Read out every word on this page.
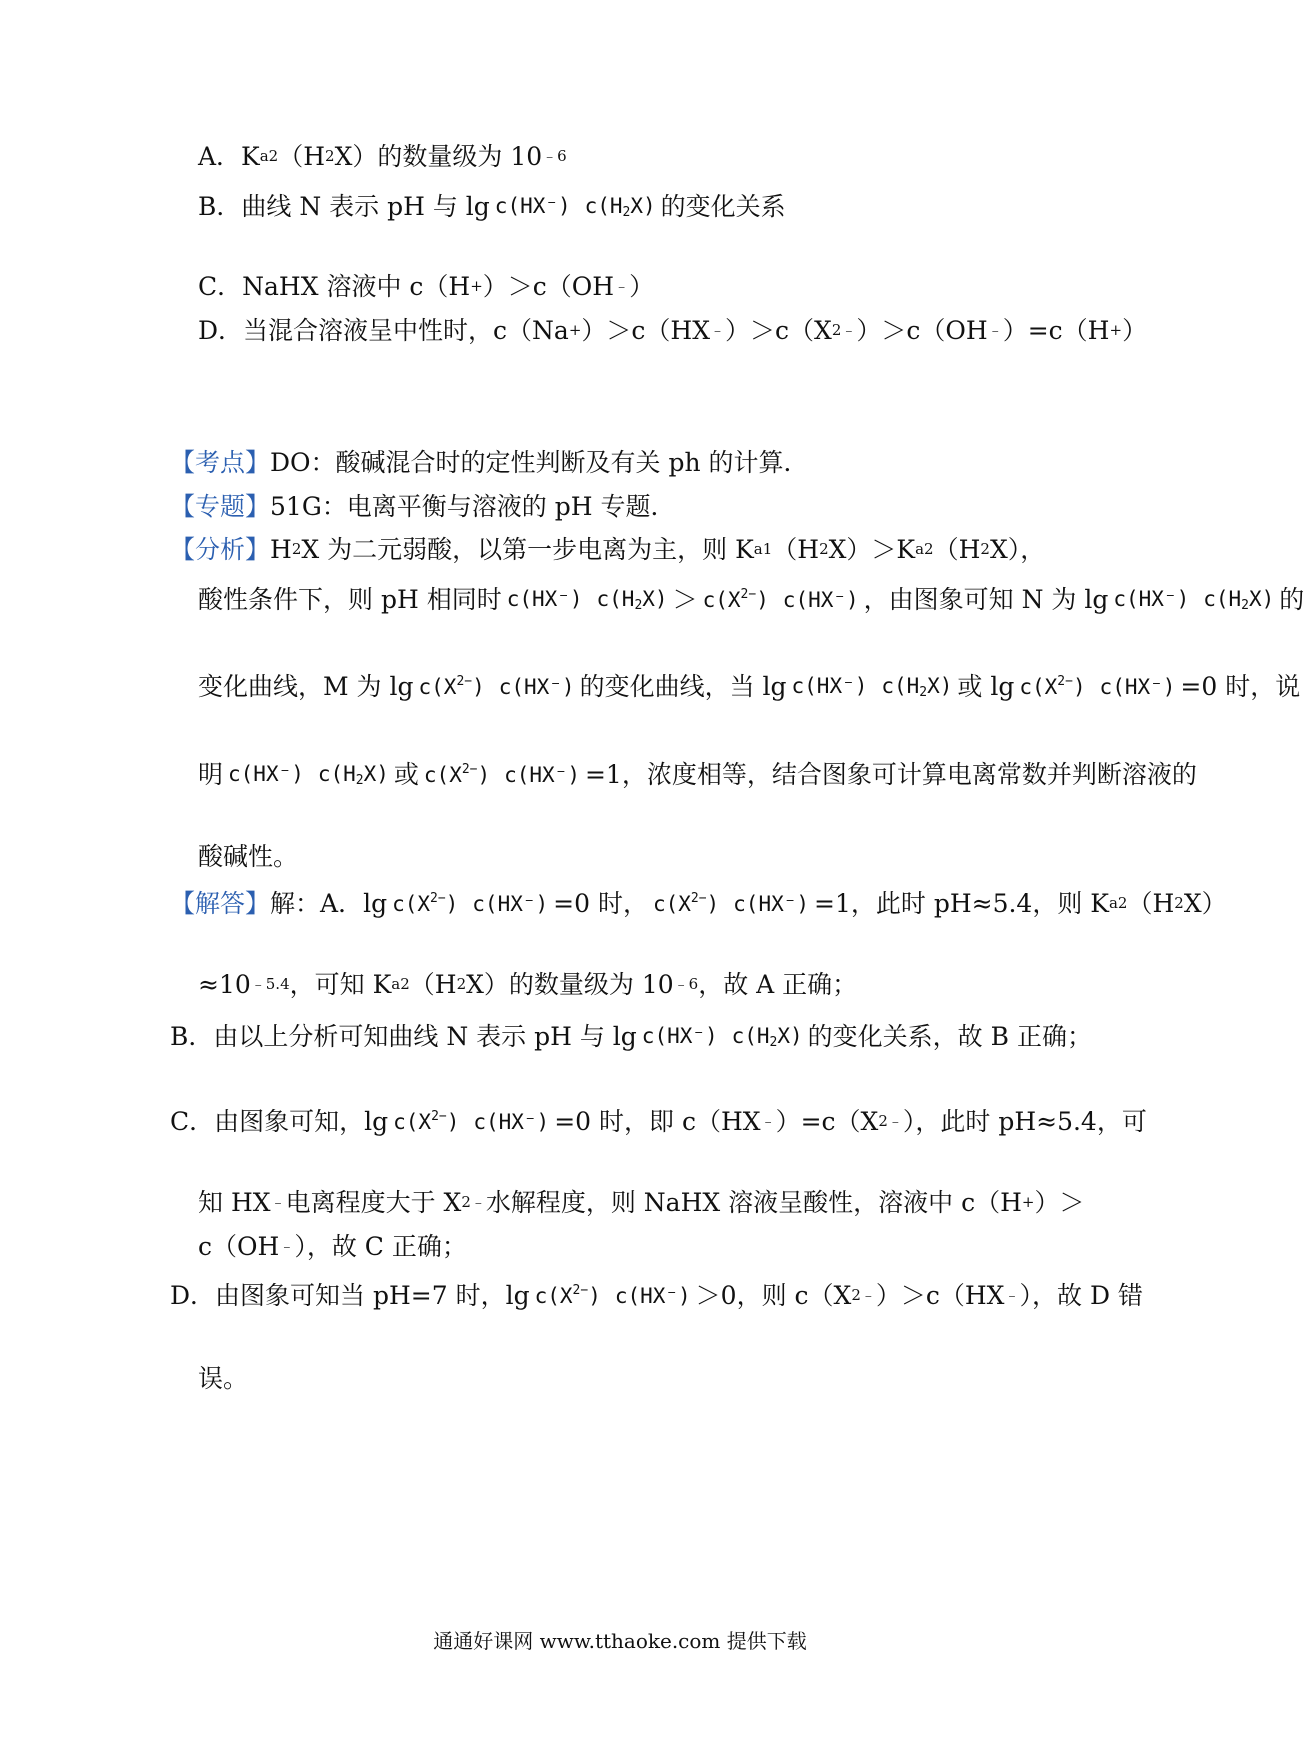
A．K a2 （H 2 X）的数量级为 10 ﹣6
B．曲线 N 表示 pH 与 lg c(HX⁻) $c(H_2X)$ 的变化关系
C．NaHX 溶液中 c（H + ）＞c（OH ﹣ ）
D．当混合溶液呈中性时，c（Na + ）＞c（HX ﹣ ）＞c（X 2﹣ ）＞c（OH ﹣ ）=c（H + ）
【考点】 DO：酸碱混合时的定性判断及有关 ph 的计算．
【专题】 51G：电离平衡与溶液的 pH 专题．
【分析】 H 2 X 为二元弱酸，以第一步电离为主，则 K a1 （H 2 X）＞K a2 （H 2 X），
酸性条件下，则 pH 相同时 c(HX⁻) $c(H_2X) > c(X^{2-})$ c(HX⁻) ，由图象可知 N 为 lg c(HX⁻) $c(H_2X)$ 的
变化曲线，M 为 $\lg c(X^{2-})$ c(HX⁻) 的变化曲线，当 lg c(HX⁻) $c(H_2X)$ 或 $\lg c(X^{2-})$ c(HX⁻) =0 时，说
明 c(HX⁻) $c(H_2X)$ 或 $c(X^{2-})$ c(HX⁻) =1，浓度相等，结合图象可计算电离常数并判断溶液的
酸碱性。
【解答】 解：A．$\lg c(X^{2-})$ c(HX⁻) =0 时， $c(X^{2-})$ c(HX⁻) =1，此时 pH≈5.4，则 K a2 （H 2 X）
≈10 ﹣5.4 ，可知 K a2 （H 2 X）的数量级为 10 ﹣6 ，故 A 正确；
B．由以上分析可知曲线 N 表示 pH 与 lg c(HX⁻) $c(H_2X)$ 的变化关系，故 B 正确；
C．由图象可知，$\lg c(X^{2-})$ c(HX⁻) =0 时，即 c（HX ﹣ ）=c（X 2﹣ ），此时 pH≈5.4，可
知 HX ﹣ 电离程度大于 X 2﹣ 水解程度，则 NaHX 溶液呈酸性，溶液中 c（H + ）＞
c（OH ﹣ ），故 C 正确；
D．由图象可知当 pH=7 时，$\lg c(X^{2-})$ c(HX⁻) ＞0，则 c（X 2﹣ ）＞c（HX ﹣ ），故 D 错
误。
通通好课网 www.tthaoke.com 提供下载
